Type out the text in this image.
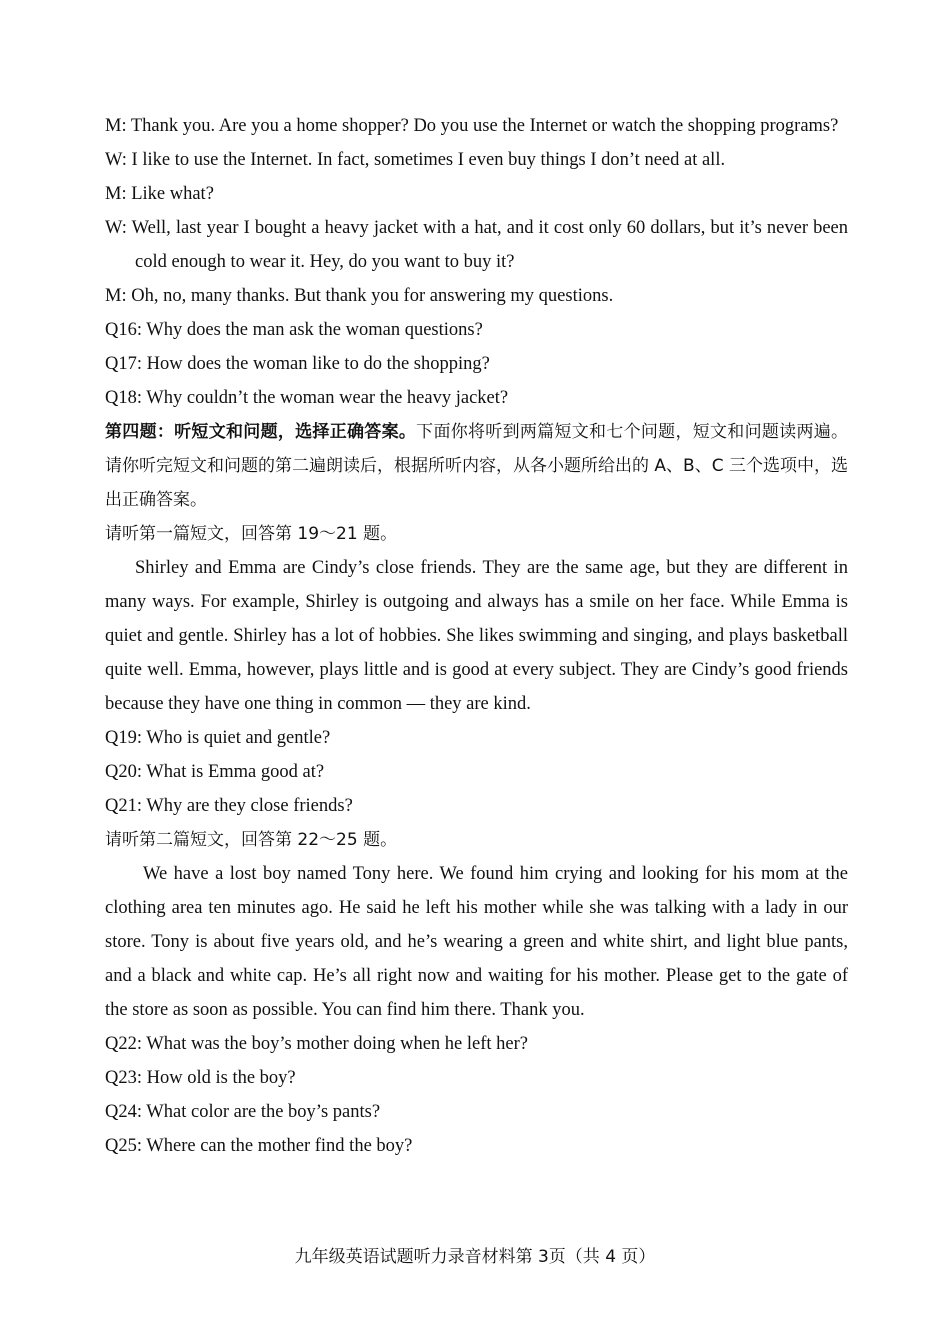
M: Thank you. Are you a home shopper? Do you use the Internet or watch the shopping programs?

W: I like to use the Internet. In fact, sometimes I even buy things I don’t need at all.

M: Like what?

W: Well, last year I bought a heavy jacket with a hat, and it cost only 60 dollars, but it’s never been cold enough to wear it. Hey, do you want to buy it?

M: Oh, no, many thanks. But thank you for answering my questions.

Q16: Why does the man ask the woman questions?

Q17: How does the woman like to do the shopping?

Q18: Why couldn’t the woman wear the heavy jacket?

第四题：听短文和问题，选择正确答案。下面你将听到两篇短文和七个问题，短文和问题读两遍。请你听完短文和问题的第二遍朗读后，根据所听内容，从各小题所给出的 A、B、C 三个选项中，选出正确答案。

请听第一篇短文，回答第 19～21 题。

Shirley and Emma are Cindy’s close friends. They are the same age, but they are different in many ways. For example, Shirley is outgoing and always has a smile on her face. While Emma is quiet and gentle. Shirley has a lot of hobbies. She likes swimming and singing, and plays basketball quite well. Emma, however, plays little and is good at every subject. They are Cindy’s good friends because they have one thing in common — they are kind.

Q19: Who is quiet and gentle?

Q20: What is Emma good at?

Q21: Why are they close friends?

请听第二篇短文，回答第 22～25 题。

We have a lost boy named Tony here. We found him crying and looking for his mom at the clothing area ten minutes ago. He said he left his mother while she was talking with a lady in our store. Tony is about five years old, and he’s wearing a green and white shirt, and light blue pants, and a black and white cap. He’s all right now and waiting for his mother. Please get to the gate of the store as soon as possible. You can find him there. Thank you.

Q22: What was the boy’s mother doing when he left her?

Q23: How old is the boy?

Q24: What color are the boy’s pants?

Q25: Where can the mother find the boy?

九年级英语试题听力录音材料第 3页（共 4 页）
